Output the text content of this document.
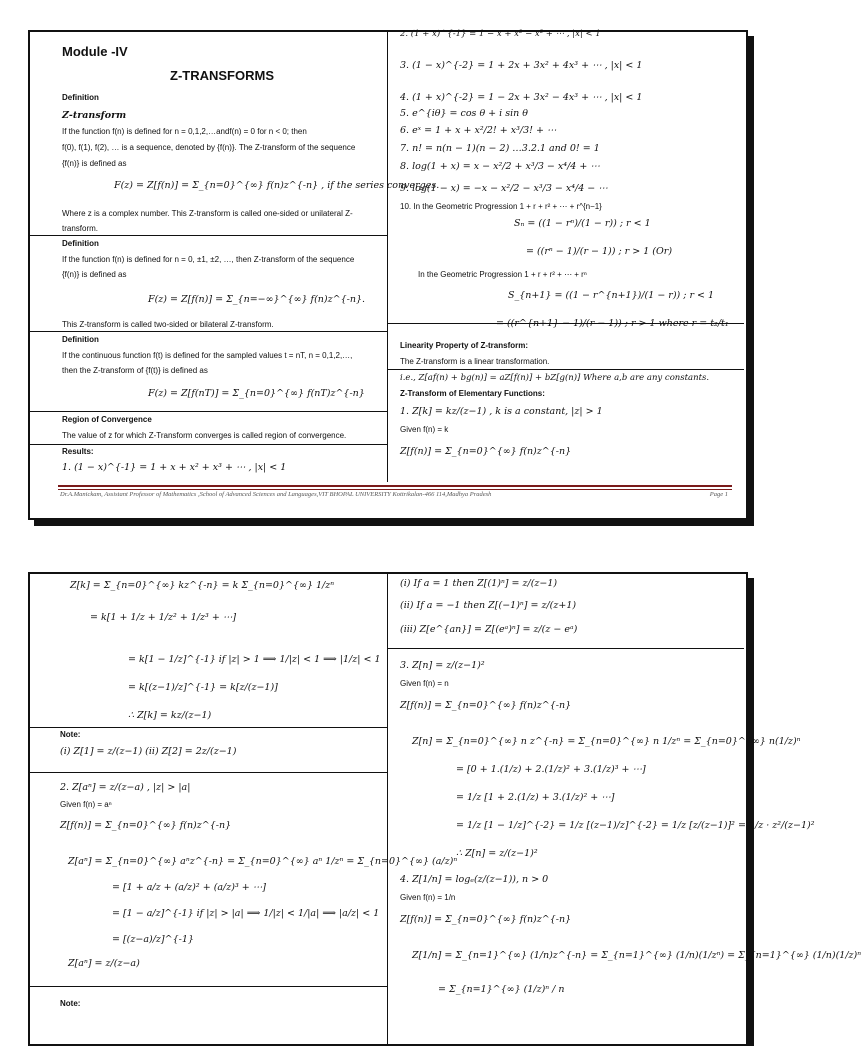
Module -IV
Z-TRANSFORMS
Definition
Z-transform
If the function f(n) is defined for n = 0,1,2,…andf(n) = 0 for n < 0; then
f(0), f(1), f(2), … is a sequence, denoted by {f(n)}. The Z-transform of the sequence
{f(n)} is defined as
F(z) = Z[f(n)] = Σ_{n=0}^{∞} f(n)z^{-n} , if the series converges.
Where z is a complex number. This Z-transform is called one-sided or unilateral Z-
transform.
Definition
If the function f(n) is defined for n = 0, ±1, ±2, …, then Z-transform of the sequence
{f(n)} is defined as
F(z) = Z[f(n)] = Σ_{n=−∞}^{∞} f(n)z^{-n}.
This Z-transform is called two-sided or bilateral Z-transform.
Definition
If the continuous function f(t) is defined for the sampled values t = nT, n = 0,1,2,…,
then the Z-transform of {f(t)} is defined as
F(z) = Z[f(nT)] = Σ_{n=0}^{∞} f(nT)z^{-n}
Region of Convergence
The value of z for which Z-Transform converges is called region of convergence.
Results:
1. (1 − x)^{-1} = 1 + x + x² + x³ + ⋯ , |x| < 1
2. (1 + x)^{-1} = 1 − x + x² − x³ + ⋯ , |x| < 1
3. (1 − x)^{-2} = 1 + 2x + 3x² + 4x³ + ⋯ , |x| < 1
4. (1 + x)^{-2} = 1 − 2x + 3x² − 4x³ + ⋯ , |x| < 1
5. e^{iθ} = cos θ + i sin θ
6. eˣ = 1 + x + x²/2! + x³/3! + ⋯
7. n! = n(n − 1)(n − 2) …3.2.1 and 0! = 1
8. log(1 + x) = x − x²/2 + x³/3 − x⁴/4 + ⋯
9. log(1 − x) = −x − x²/2 − x³/3 − x⁴/4 − ⋯
10. In the Geometric Progression 1 + r + r² + ⋯ + r^{n−1}
Sₙ = ((1 − rⁿ)/(1 − r)) ; r < 1
= ((rⁿ − 1)/(r − 1)) ; r > 1 (Or)
In the Geometric Progression 1 + r + r² + ⋯ + rⁿ
S_{n+1} = ((1 − r^{n+1})/(1 − r)) ; r < 1
Linearity Property of Z-transform:
The Z-transform is a linear transformation.
i.e., Z[af(n) + bg(n)] = aZ[f(n)] + bZ[g(n)] Where a,b are any constants.
Z-Transform of Elementary Functions:
1. Z[k] = kz/(z−1) , k is a constant, |z| > 1
Given f(n) = k
Z[f(n)] = Σ_{n=0}^{∞} f(n)z^{-n}
Dr.A.Manickam, Assistant Professor of Mathematics ,School of Advanced Sciences and Languages,VIT BHOPAL UNIVERSITY Kottrikalan-466 114,Madhya Pradesh	Page 1
Z[k] = Σ_{n=0}^{∞} kz^{-n} = k Σ_{n=0}^{∞} 1/zⁿ
= k[1 + 1/z + 1/z² + 1/z³ + ⋯]
= k[1 − 1/z]^{-1} if |z| > 1 ⟹ 1/|z| < 1 ⟹ |1/z| < 1
= k[(z−1)/z]^{-1} = k[z/(z−1)]
∴ Z[k] = kz/(z−1)
Note:
(i) Z[1] = z/(z−1) (ii) Z[2] = 2z/(z−1)
2. Z[aⁿ] = z/(z−a) , |z| > |a|
Given f(n) = aⁿ
Z[f(n)] = Σ_{n=0}^{∞} f(n)z^{-n}
Z[aⁿ] = Σ_{n=0}^{∞} aⁿz^{-n} = Σ_{n=0}^{∞} aⁿ 1/zⁿ = Σ_{n=0}^{∞} (a/z)ⁿ
= [1 + a/z + (a/z)² + (a/z)³ + ⋯]
= [1 − a/z]^{-1} if |z| > |a| ⟹ 1/|z| < 1/|a| ⟹ |a/z| < 1
= [(z−a)/z]^{-1}
Z[aⁿ] = z/(z−a)
Note:
(i) If a = 1 then Z[(1)ⁿ] = z/(z−1)
(ii) If a = −1 then Z[(−1)ⁿ] = z/(z+1)
(iii) Z[e^{an}] = Z[(eᵃ)ⁿ] = z/(z − eᵃ)
3. Z[n] = z/(z−1)²
Given f(n) = n
Z[f(n)] = Σ_{n=0}^{∞} f(n)z^{-n}
Z[n] = Σ_{n=0}^{∞} n z^{-n} = Σ_{n=0}^{∞} n 1/zⁿ = Σ_{n=0}^{∞} n(1/z)ⁿ
= [0 + 1.(1/z) + 2.(1/z)² + 3.(1/z)³ + ⋯]
= 1/z [1 + 2.(1/z) + 3.(1/z)² + ⋯]
= 1/z [1 − 1/z]^{-2} = 1/z [(z−1)/z]^{-2} = 1/z [z/(z−1)]² = 1/z · z²/(z−1)²
∴ Z[n] = z/(z−1)²
4. Z[1/n] = logₑ(z/(z−1)), n > 0
Given f(n) = 1/n
Z[f(n)] = Σ_{n=0}^{∞} f(n)z^{-n}
Z[1/n] = Σ_{n=1}^{∞} (1/n)z^{-n} = Σ_{n=1}^{∞} (1/n)(1/zⁿ) = Σ_{n=1}^{∞} (1/n)(1/z)ⁿ
= Σ_{n=1}^{∞} (1/z)ⁿ / n
